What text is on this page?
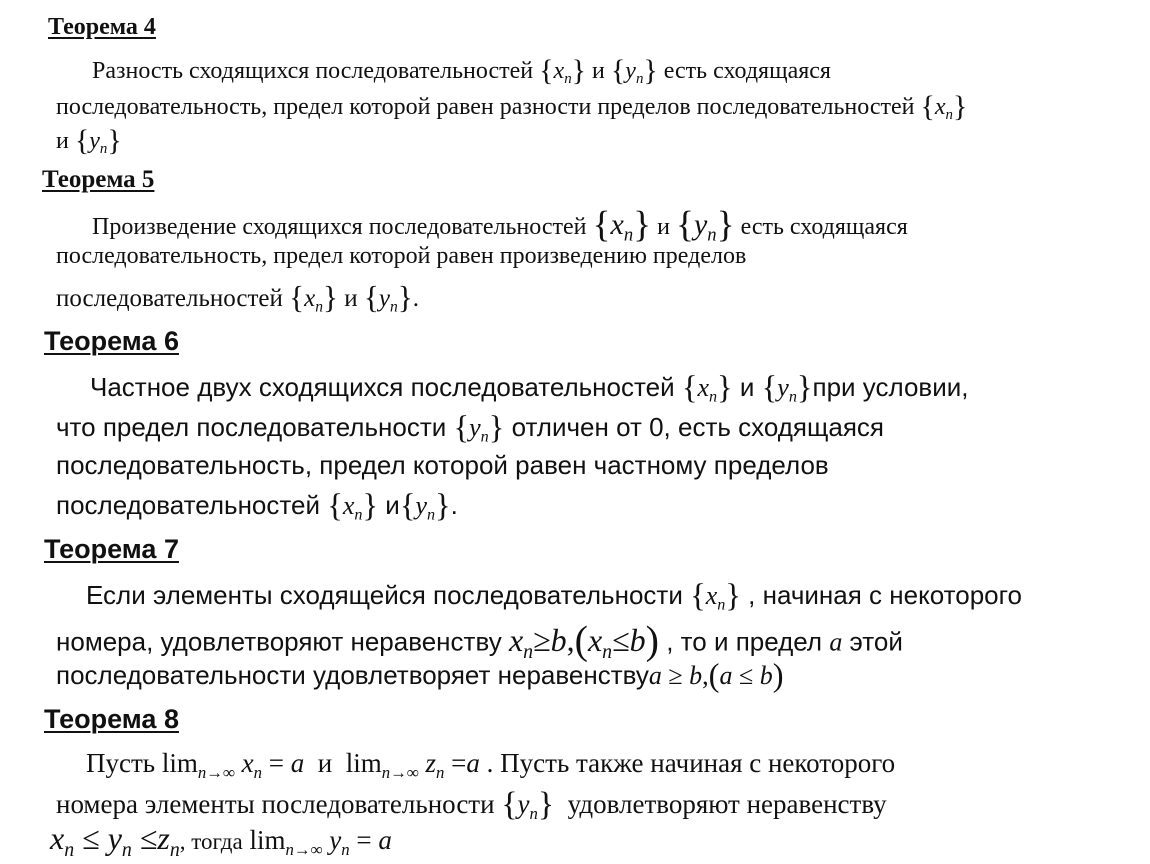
Теорема 4
Разность сходящихся последовательностей $\{x_n\}$ и $\{y_n\}$ есть сходящаяся
последовательность, предел которой равен разности пределов последовательностей $\{x_n\}$
и $\{y_n\}$
Теорема 5
Произведение сходящихся последовательностей $\{x_n\}$ и $\{y_n\}$ есть сходящаяся
последовательность, предел которой равен произведению пределов
последовательностей $\{x_n\}$ и $\{y_n\}$.
Теорема 6
Частное двух сходящихся последовательностей $\{x_n\}$ и $\{y_n\}при$ условии,
что предел последовательности $\{y_n\}$ отличен от 0, есть сходящаяся
последовательность, предел которой равен частному пределов
последовательностей $\{x_n\}$ $и\{y_n\}$.
Теорема 7
Если элементы сходящейся последовательности $\{x_n\}$ , начиная с некоторого
номера, удовлетворяют неравенству $x_n\ge b,(x_n\le b)$ , то и предел a этой
последовательности удовлетворяет неравенствуa ≥ b,(a ≤ b)
Теорема 8
Пусть $\lim_{n\to\infty} x_n = a$ и $\lim_{n\to\infty} z_n =a$ . Пусть также начиная с некоторого
номера элементы последовательности $\{y_n\}$ удовлетворяют неравенству
$x_n \le y_n \le z_n$, тогда $\lim_{n\to\infty} y_n = a$
